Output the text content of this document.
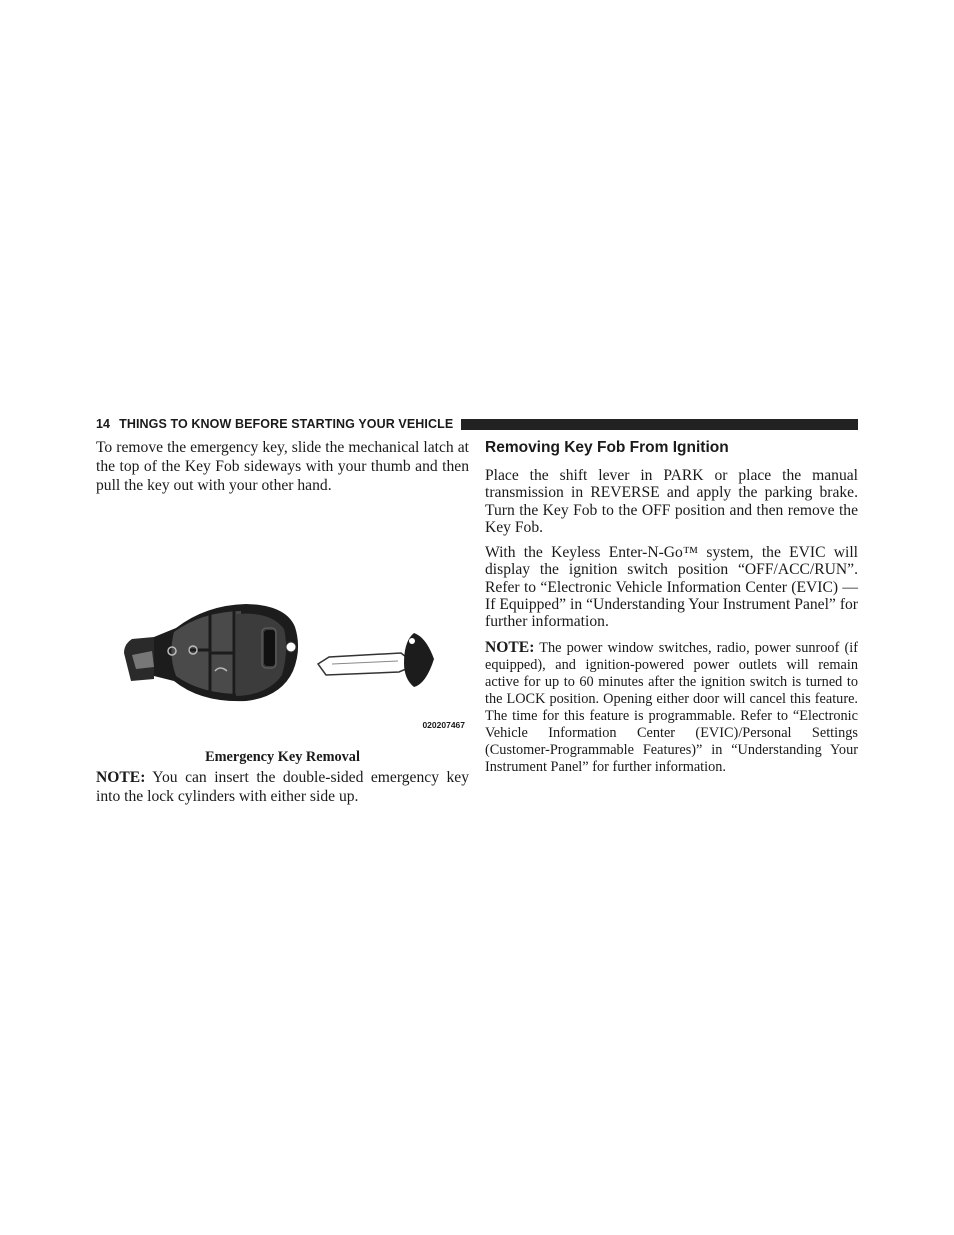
14 THINGS TO KNOW BEFORE STARTING YOUR VEHICLE

To remove the emergency key, slide the mechanical latch at the top of the Key Fob sideways with your thumb and then pull the key out with your other hand.

020207467
Emergency Key Removal

NOTE: You can insert the double-sided emergency key into the lock cylinders with either side up.

Removing Key Fob From Ignition

Place the shift lever in PARK or place the manual transmission in REVERSE and apply the parking brake. Turn the Key Fob to the OFF position and then remove the Key Fob.

With the Keyless Enter-N-Go™ system, the EVIC will display the ignition switch position “OFF/ACC/RUN”. Refer to “Electronic Vehicle Information Center (EVIC) — If Equipped” in “Understanding Your Instrument Panel” for further information.

NOTE: The power window switches, radio, power sunroof (if equipped), and ignition-powered power outlets will remain active for up to 60 minutes after the ignition switch is turned to the LOCK position. Opening either door will cancel this feature. The time for this feature is programmable. Refer to “Electronic Vehicle Information Center (EVIC)/Personal Settings (Customer-Programmable Features)” in “Understanding Your Instrument Panel” for further information.
